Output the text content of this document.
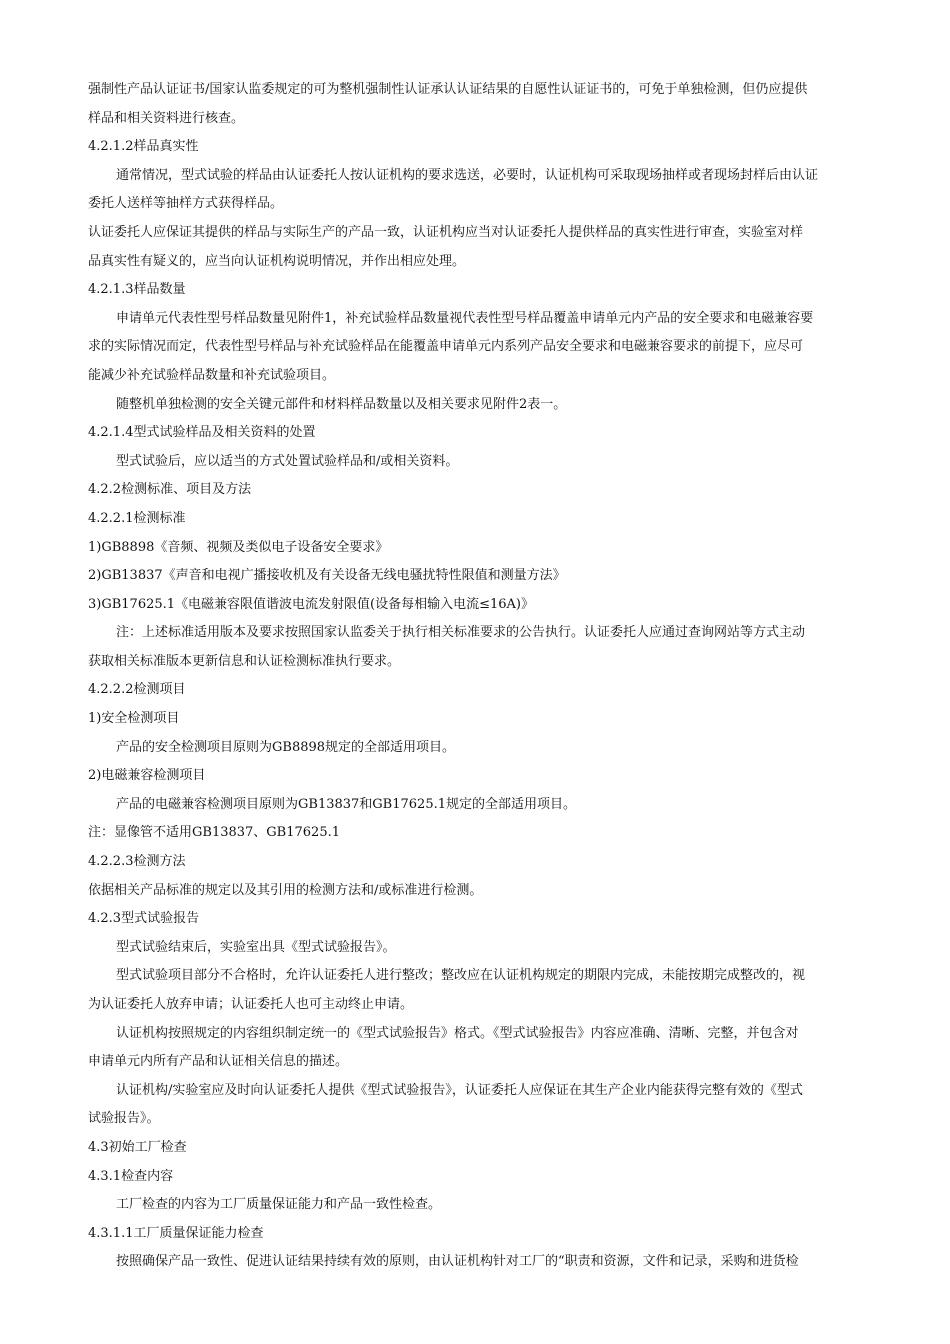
强制性产品认证证书/国家认监委规定的可为整机强制性认证承认认证结果的自愿性认证证书的，可免于单独检测，但仍应提供
样品和相关资料进行核查。
4.2.1.2样品真实性
通常情况，型式试验的样品由认证委托人按认证机构的要求选送，必要时，认证机构可采取现场抽样或者现场封样后由认证
委托人送样等抽样方式获得样品。
认证委托人应保证其提供的样品与实际生产的产品一致，认证机构应当对认证委托人提供样品的真实性进行审查，实验室对样
品真实性有疑义的，应当向认证机构说明情况，并作出相应处理。
4.2.1.3样品数量
申请单元代表性型号样品数量见附件1，补充试验样品数量视代表性型号样品覆盖申请单元内产品的安全要求和电磁兼容要
求的实际情况而定，代表性型号样品与补充试验样品在能覆盖申请单元内系列产品安全要求和电磁兼容要求的前提下，应尽可
能减少补充试验样品数量和补充试验项目。
随整机单独检测的安全关键元部件和材料样品数量以及相关要求见附件2表一。
4.2.1.4型式试验样品及相关资料的处置
型式试验后，应以适当的方式处置试验样品和/或相关资料。
4.2.2检测标准、项目及方法
4.2.2.1检测标准
1)GB8898《音频、视频及类似电子设备安全要求》
2)GB13837《声音和电视广播接收机及有关设备无线电骚扰特性限值和测量方法》
3)GB17625.1《电磁兼容限值谐波电流发射限值(设备每相输入电流≤16A)》
注：上述标准适用版本及要求按照国家认监委关于执行相关标准要求的公告执行。认证委托人应通过查询网站等方式主动
获取相关标准版本更新信息和认证检测标准执行要求。
4.2.2.2检测项目
1)安全检测项目
产品的安全检测项目原则为GB8898规定的全部适用项目。
2)电磁兼容检测项目
产品的电磁兼容检测项目原则为GB13837和GB17625.1规定的全部适用项目。
注：显像管不适用GB13837、GB17625.1
4.2.2.3检测方法
依据相关产品标准的规定以及其引用的检测方法和/或标准进行检测。
4.2.3型式试验报告
型式试验结束后，实验室出具《型式试验报告》。
型式试验项目部分不合格时，允许认证委托人进行整改；整改应在认证机构规定的期限内完成，未能按期完成整改的，视
为认证委托人放弃申请；认证委托人也可主动终止申请。
认证机构按照规定的内容组织制定统一的《型式试验报告》格式。《型式试验报告》内容应准确、清晰、完整，并包含对
申请单元内所有产品和认证相关信息的描述。
认证机构/实验室应及时向认证委托人提供《型式试验报告》，认证委托人应保证在其生产企业内能获得完整有效的《型式
试验报告》。
4.3初始工厂检查
4.3.1检查内容
工厂检查的内容为工厂质量保证能力和产品一致性检查。
4.3.1.1工厂质量保证能力检查
按照确保产品一致性、促进认证结果持续有效的原则，由认证机构针对工厂的“职责和资源，文件和记录，采购和进货检
